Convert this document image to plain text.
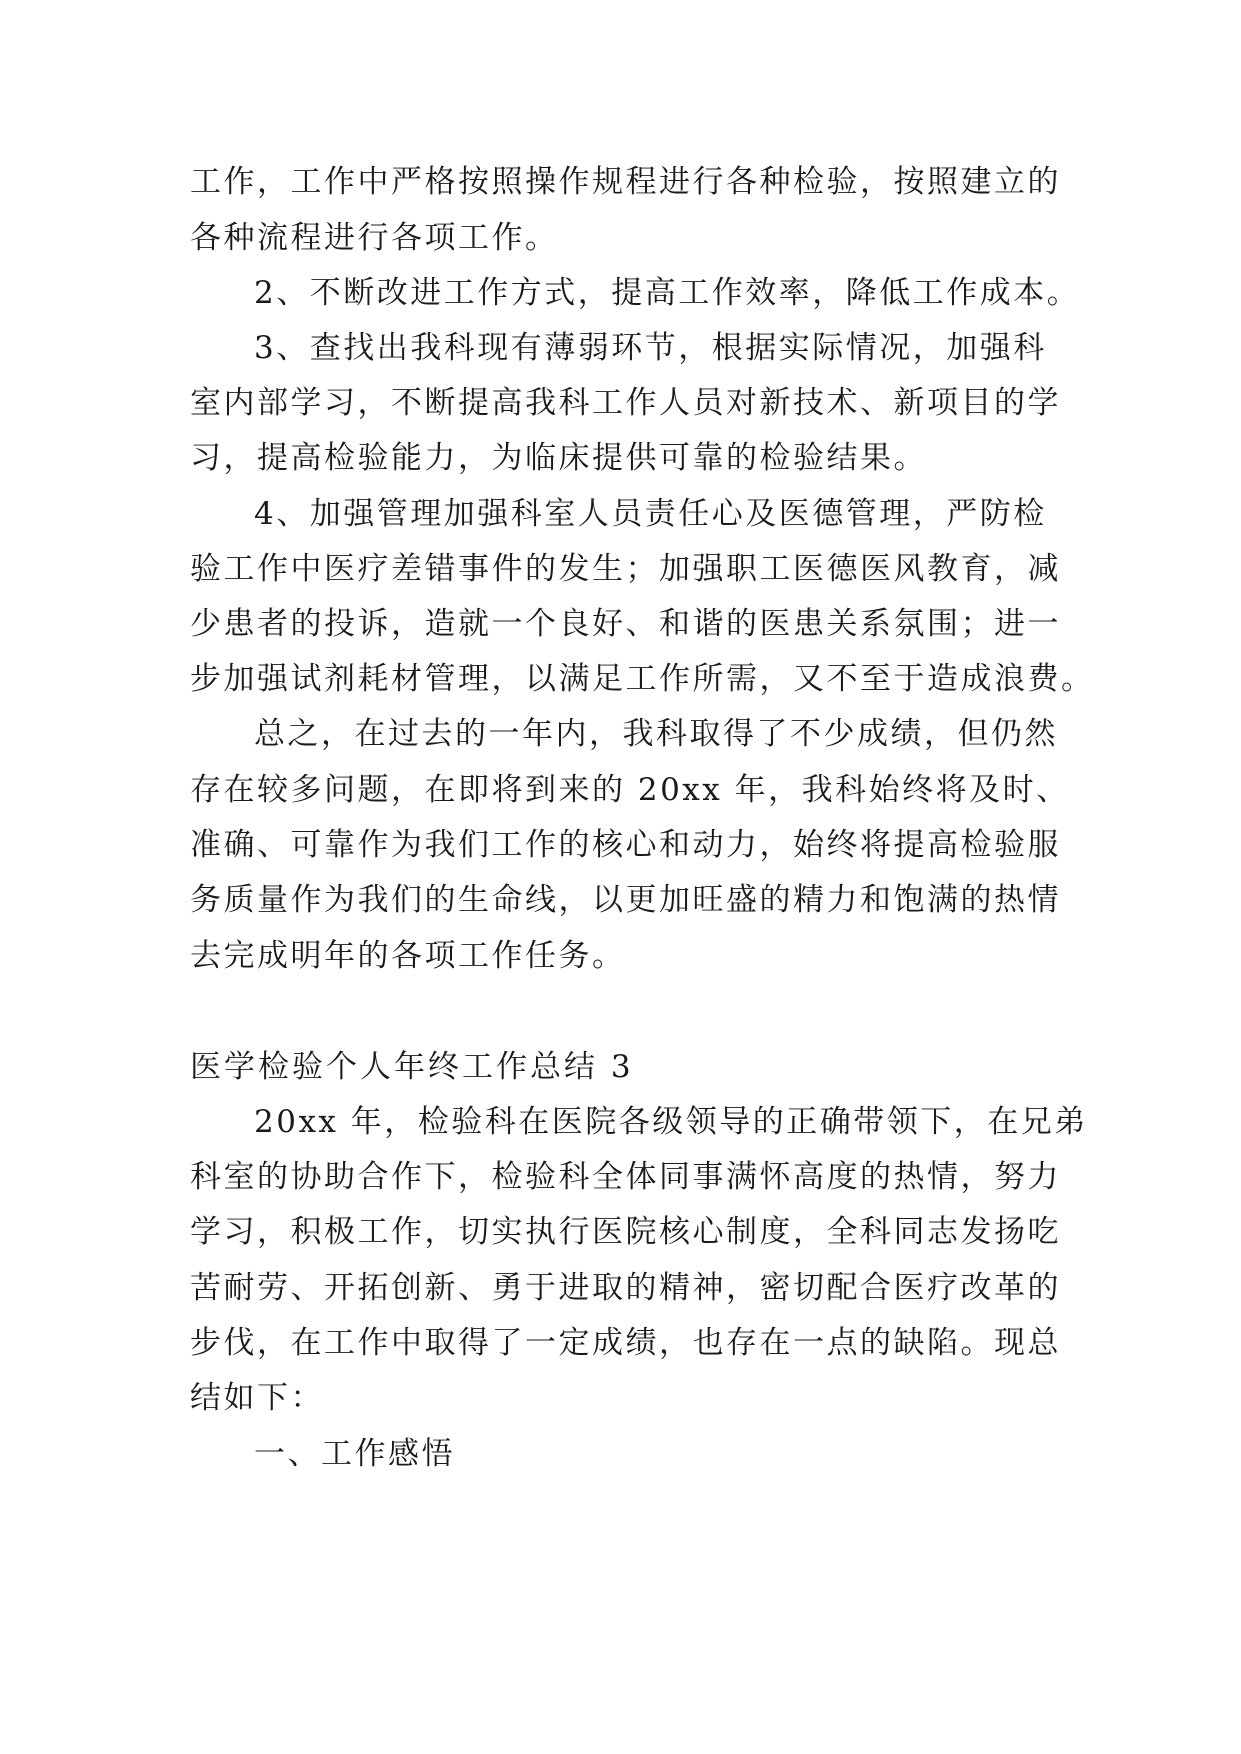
工作，工作中严格按照操作规程进行各种检验，按照建立的
各种流程进行各项工作。
2、不断改进工作方式，提高工作效率，降低工作成本。
3、查找出我科现有薄弱环节，根据实际情况，加强科
室内部学习，不断提高我科工作人员对新技术、新项目的学
习，提高检验能力，为临床提供可靠的检验结果。
4、加强管理加强科室人员责任心及医德管理，严防检
验工作中医疗差错事件的发生；加强职工医德医风教育，减
少患者的投诉，造就一个良好、和谐的医患关系氛围；进一
步加强试剂耗材管理，以满足工作所需，又不至于造成浪费。
总之，在过去的一年内，我科取得了不少成绩，但仍然
存在较多问题，在即将到来的 20xx 年，我科始终将及时、
准确、可靠作为我们工作的核心和动力，始终将提高检验服
务质量作为我们的生命线，以更加旺盛的精力和饱满的热情
去完成明年的各项工作任务。
医学检验个人年终工作总结 3
20xx 年，检验科在医院各级领导的正确带领下，在兄弟
科室的协助合作下，检验科全体同事满怀高度的热情，努力
学习，积极工作，切实执行医院核心制度，全科同志发扬吃
苦耐劳、开拓创新、勇于进取的精神，密切配合医疗改革的
步伐，在工作中取得了一定成绩，也存在一点的缺陷。现总
结如下：
一、工作感悟
